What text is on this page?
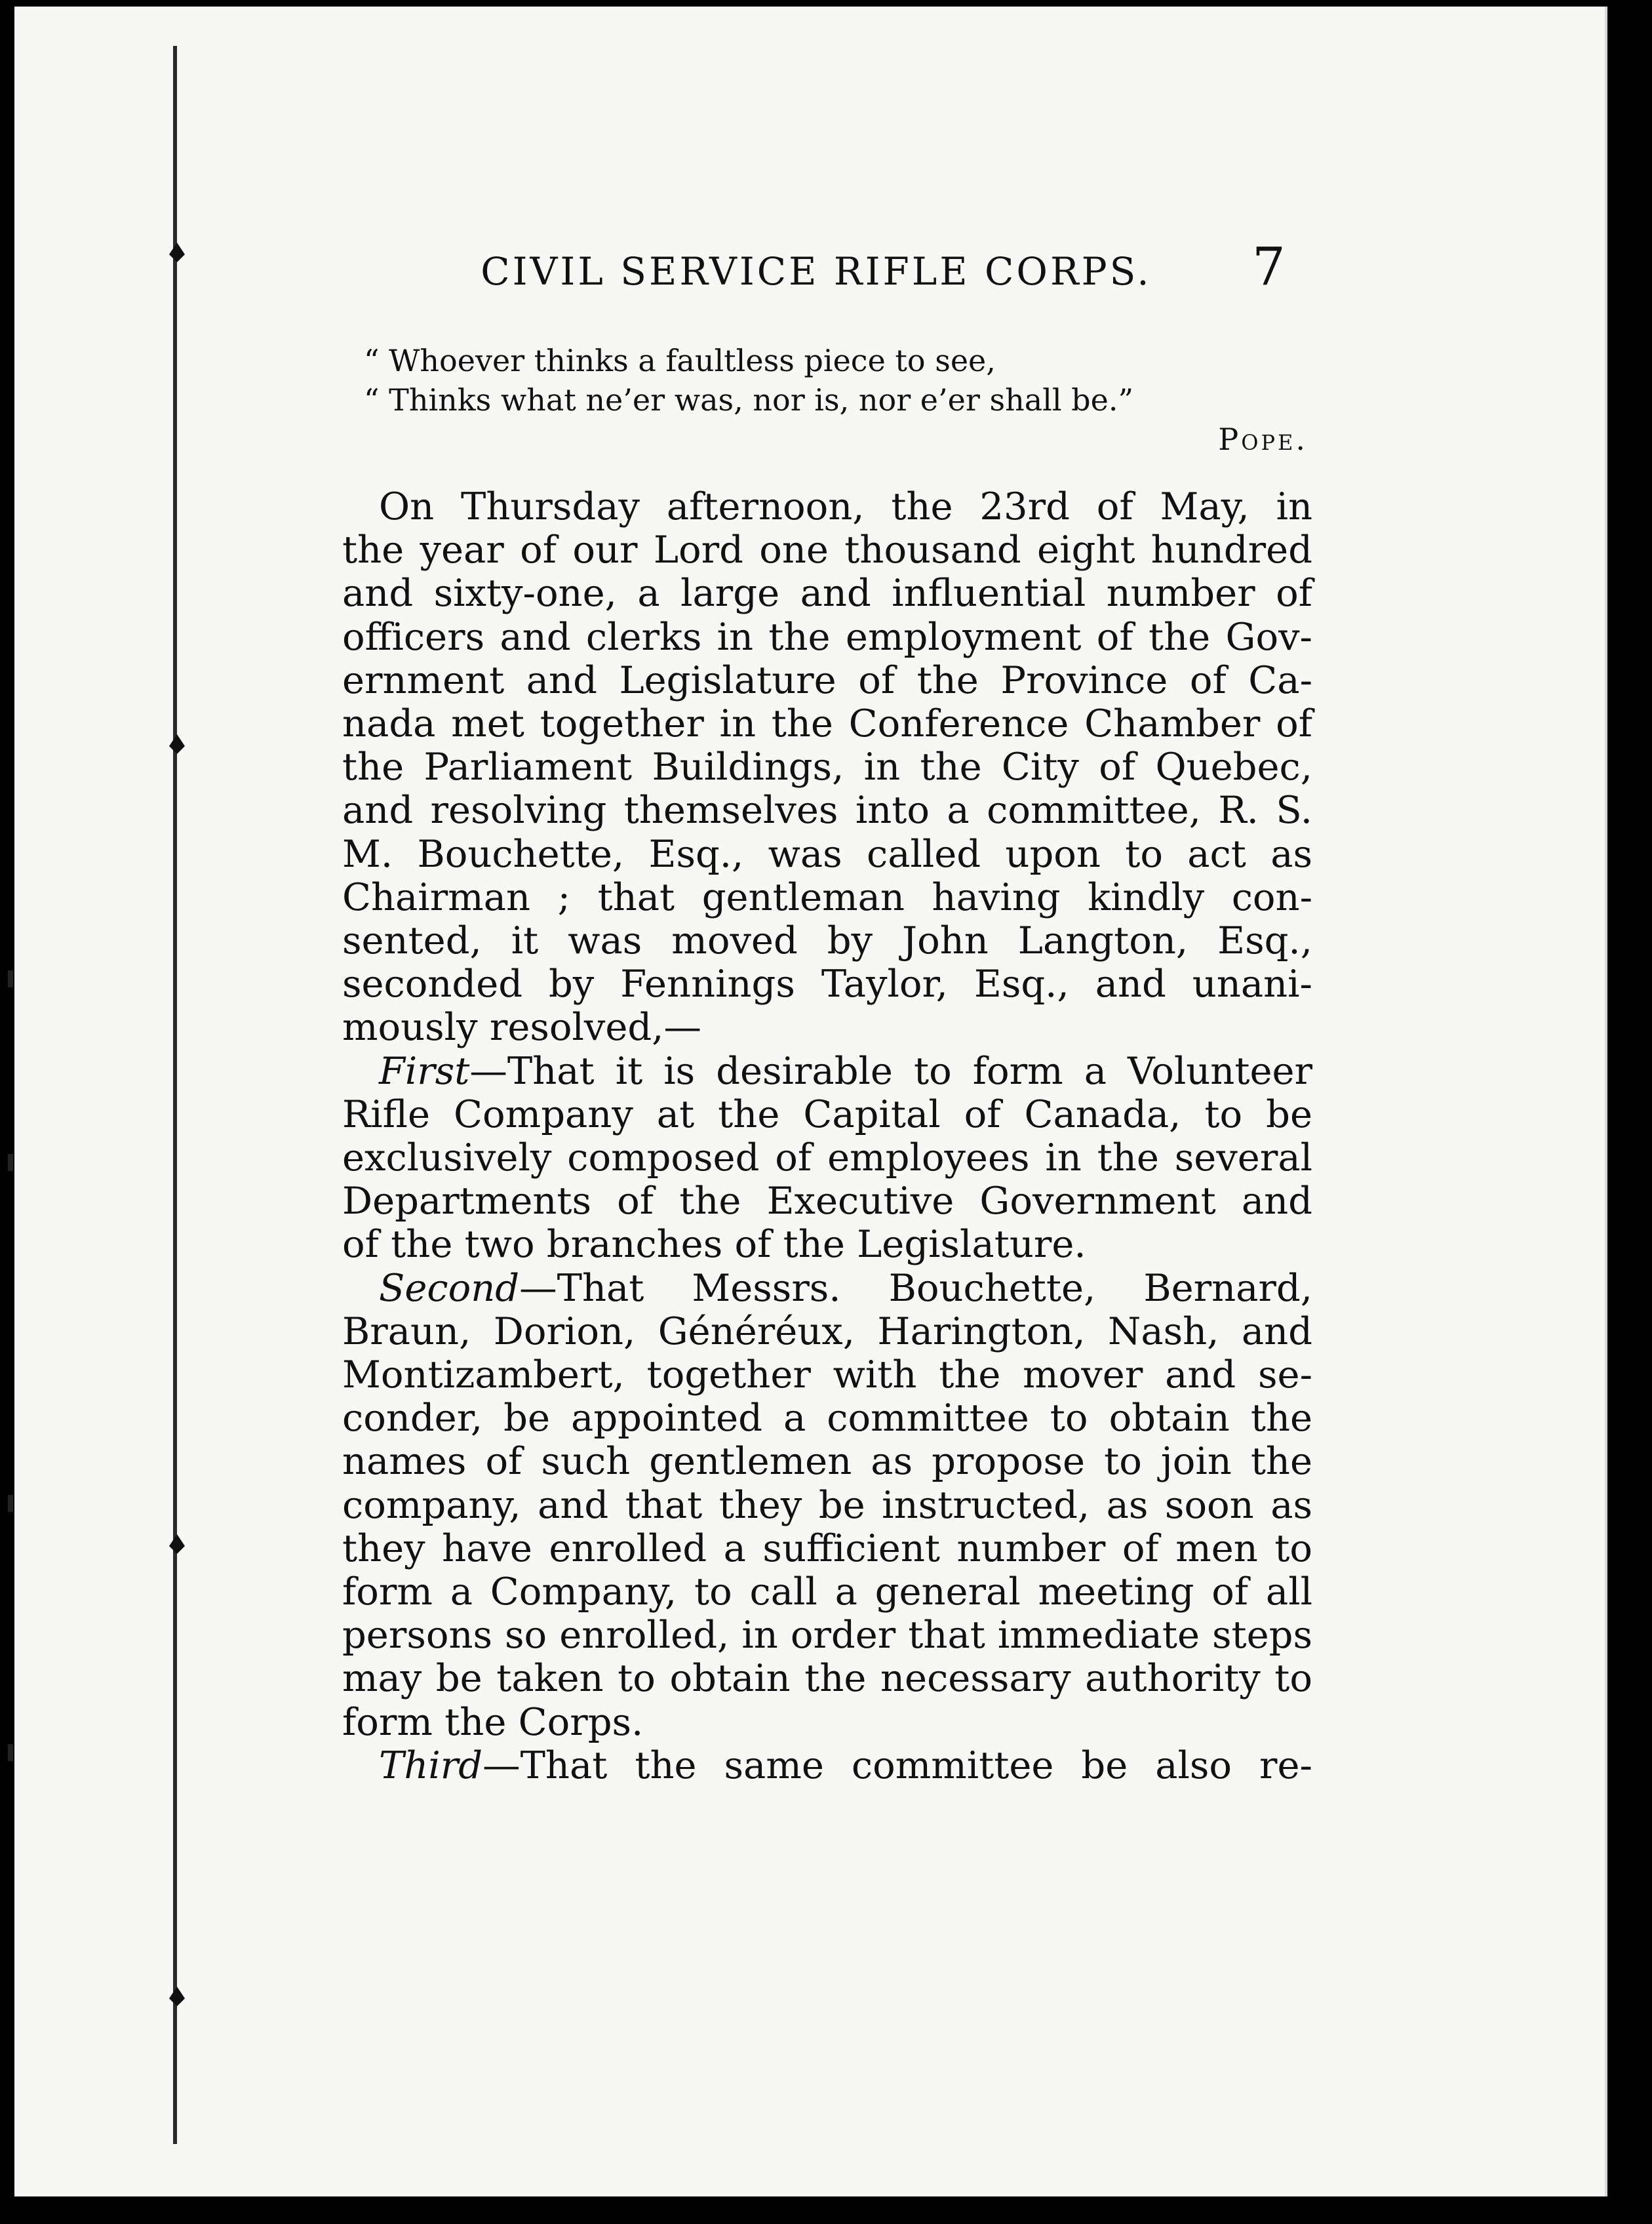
CIVIL SERVICE RIFLE CORPS.	7
“ Whoever thinks a faultless piece to see,
“ Thinks what ne’er was, nor is, nor e’er shall be.”
Pope.
On Thursday afternoon, the 23rd of May, in
the year of our Lord one thousand eight hundred
and sixty-one, a large and influential number of
officers and clerks in the employment of the Gov-
ernment and Legislature of the Province of Ca-
nada met together in the Conference Chamber of
the Parliament Buildings, in the City of Quebec,
and resolving themselves into a committee, R. S.
M. Bouchette, Esq., was called upon to act as
Chairman ; that gentleman having kindly con-
sented, it was moved by John Langton, Esq.,
seconded by Fennings Taylor, Esq., and unani-
mously resolved,—
First—That it is desirable to form a Volunteer
Rifle Company at the Capital of Canada, to be
exclusively composed of employees in the several
Departments of the Executive Government and
of the two branches of the Legislature.
Second—That Messrs. Bouchette, Bernard,
Braun, Dorion, Généréux, Harington, Nash, and
Montizambert, together with the mover and se-
conder, be appointed a committee to obtain the
names of such gentlemen as propose to join the
company, and that they be instructed, as soon as
they have enrolled a sufficient number of men to
form a Company, to call a general meeting of all
persons so enrolled, in order that immediate steps
may be taken to obtain the necessary authority to
form the Corps.
Third—That the same committee be also re-
